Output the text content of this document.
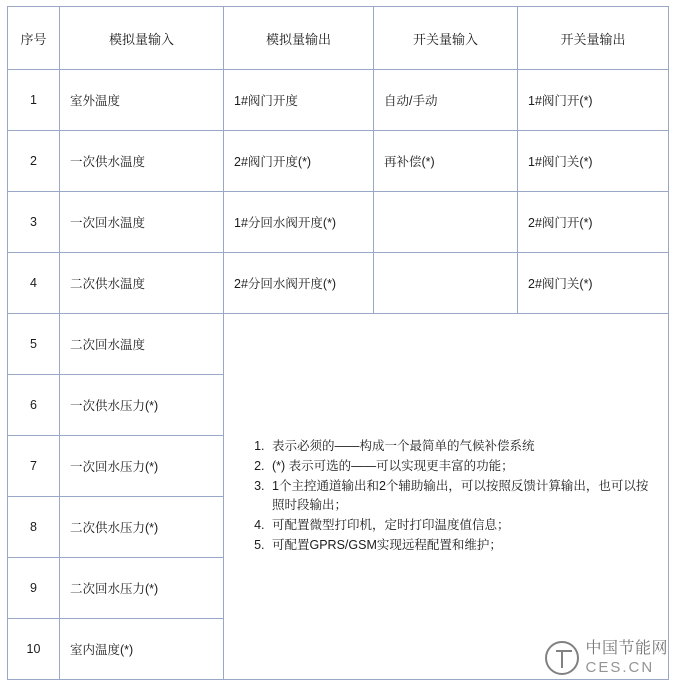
序号	模拟量输入	模拟量输出	开关量输入	开关量输出
1	室外温度	1#阀门开度	自动/手动	1#阀门开(*)
2	一次供水温度	2#阀门开度(*)	再补偿(*)	1#阀门关(*)
3	一次回水温度	1#分回水阀开度(*)		2#阀门开(*)
4	二次供水温度	2#分回水阀开度(*)		2#阀门关(*)
5	二次回水温度	
1. 表示必须的——构成一个最简单的气候补偿系统
2. (*) 表示可选的——可以实现更丰富的功能；
3. 1个主控通道输出和2个辅助输出，可以按照反馈计算输出，也可以按照时段输出；
4. 可配置微型打印机，定时打印温度值信息；
5. 可配置GPRS/GSM实现远程配置和维护；

6	一次供水压力(*)			
7	一次回水压力(*)			
8	二次供水压力(*)			
9	二次回水压力(*)			
10	室内温度(*)				中国节能网
CES.CN
